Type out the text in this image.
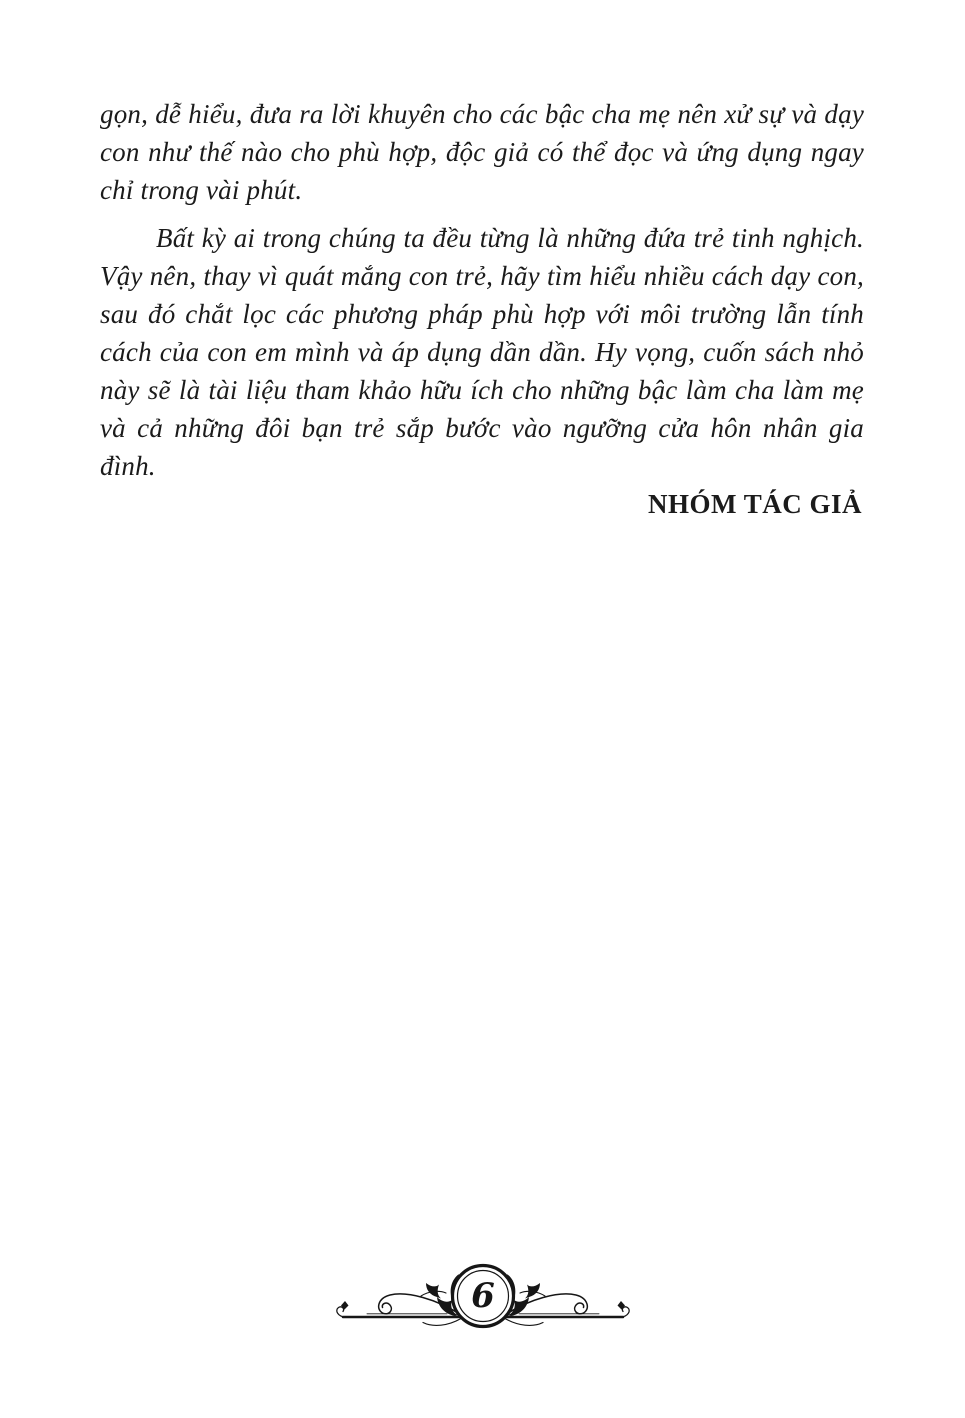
gọn, dễ hiểu, đưa ra lời khuyên cho các bậc cha mẹ nên xử sự và dạy con như thế nào cho phù hợp, độc giả có thể đọc và ứng dụng ngay chỉ trong vài phút.

Bất kỳ ai trong chúng ta đều từng là những đứa trẻ tinh nghịch. Vậy nên, thay vì quát mắng con trẻ, hãy tìm hiểu nhiều cách dạy con, sau đó chắt lọc các phương pháp phù hợp với môi trường lẫn tính cách của con em mình và áp dụng dần dần. Hy vọng, cuốn sách nhỏ này sẽ là tài liệu tham khảo hữu ích cho những bậc làm cha làm mẹ và cả những đôi bạn trẻ sắp bước vào ngưỡng cửa hôn nhân gia đình.

NHÓM TÁC GIẢ
6
